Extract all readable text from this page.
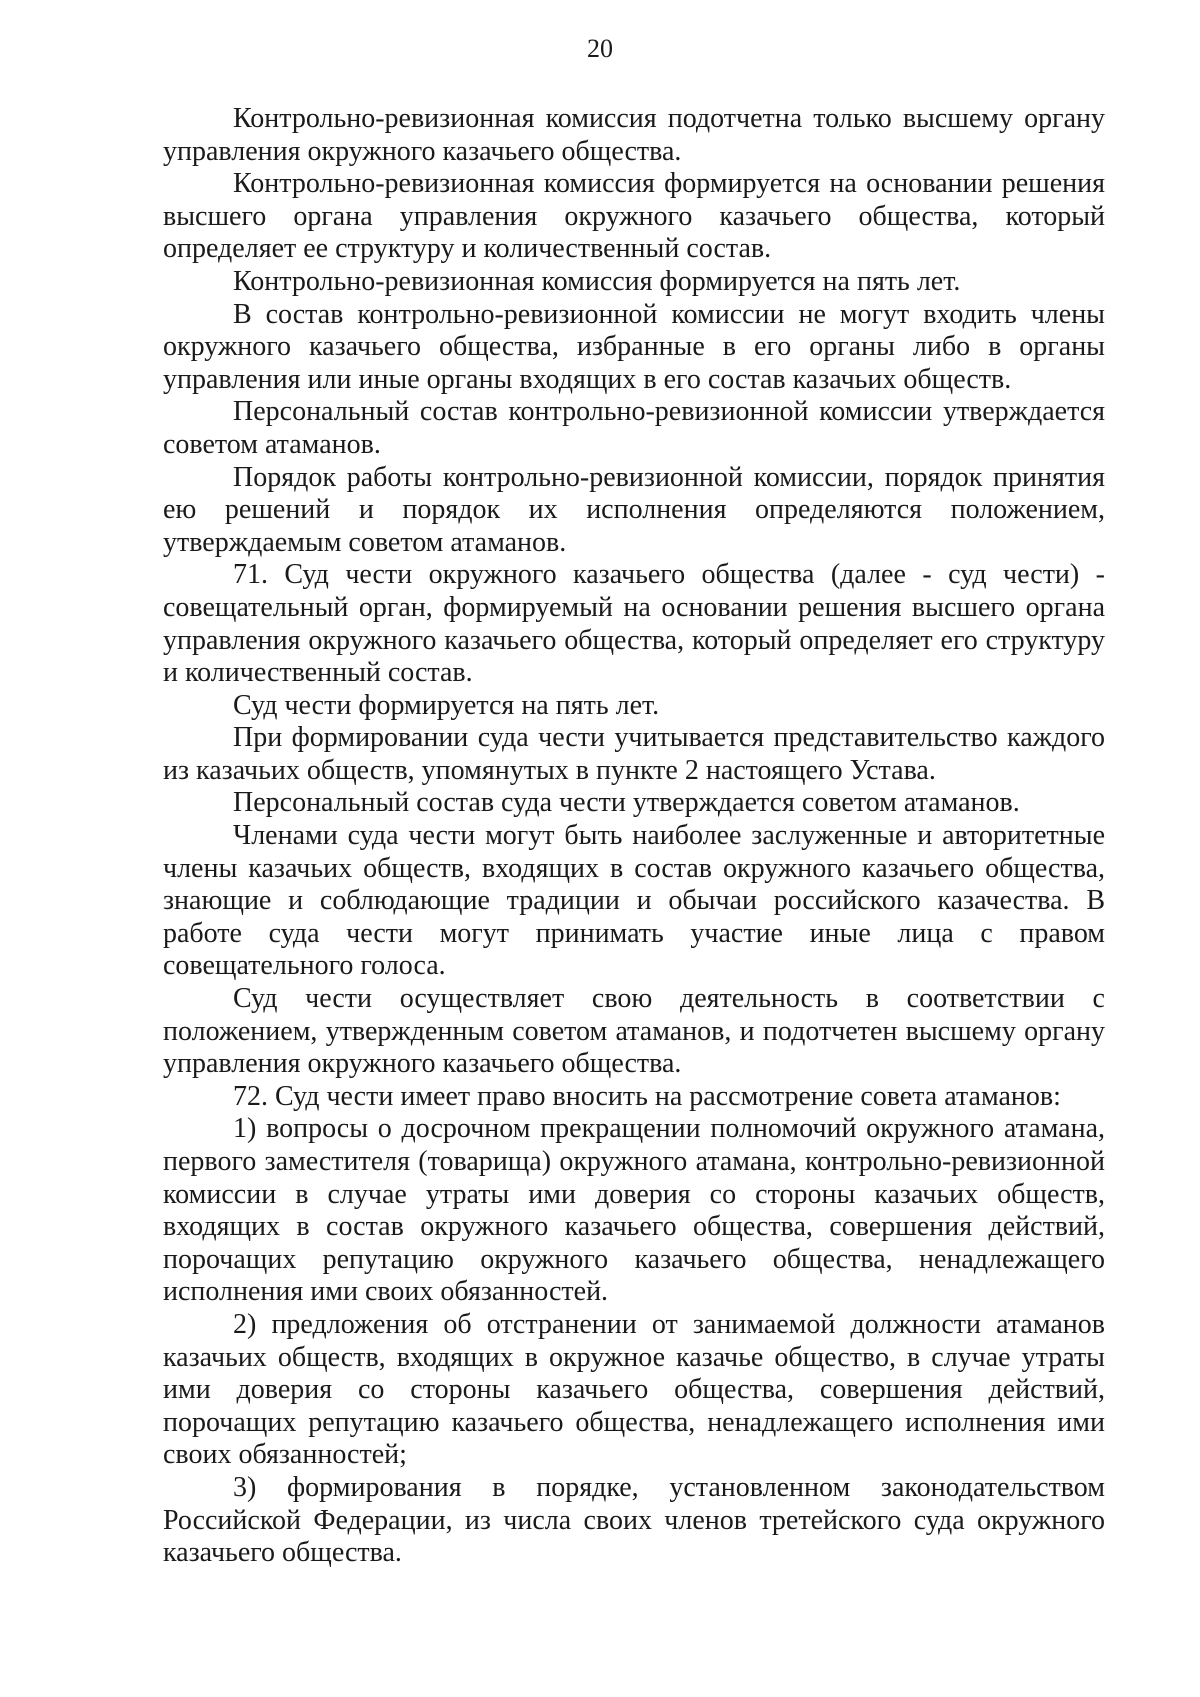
20

Контрольно-ревизионная комиссия подотчетна только высшему органу управления окружного казачьего общества.

Контрольно-ревизионная комиссия формируется на основании решения высшего органа управления окружного казачьего общества, который определяет ее структуру и количественный состав.

Контрольно-ревизионная комиссия формируется на пять лет.

В состав контрольно-ревизионной комиссии не могут входить члены окружного казачьего общества, избранные в его органы либо в органы управления или иные органы входящих в его состав казачьих обществ.

Персональный состав контрольно-ревизионной комиссии утверждается советом атаманов.

Порядок работы контрольно-ревизионной комиссии, порядок принятия ею решений и порядок их исполнения определяются положением, утверждаемым советом атаманов.

71. Суд чести окружного казачьего общества (далее - суд чести) - совещательный орган, формируемый на основании решения высшего органа управления окружного казачьего общества, который определяет его структуру и количественный состав.

Суд чести формируется на пять лет.

При формировании суда чести учитывается представительство каждого из казачьих обществ, упомянутых в пункте 2 настоящего Устава.

Персональный состав суда чести утверждается советом атаманов.

Членами суда чести могут быть наиболее заслуженные и авторитетные члены казачьих обществ, входящих в состав окружного казачьего общества, знающие и соблюдающие традиции и обычаи российского казачества. В работе суда чести могут принимать участие иные лица с правом совещательного голоса.

Суд чести осуществляет свою деятельность в соответствии с положением, утвержденным советом атаманов, и подотчетен высшему органу управления окружного казачьего общества.

72. Суд чести имеет право вносить на рассмотрение совета атаманов:

1) вопросы о досрочном прекращении полномочий окружного атамана, первого заместителя (товарища) окружного атамана, контрольно-ревизионной комиссии в случае утраты ими доверия со стороны казачьих обществ, входящих в состав окружного казачьего общества, совершения действий, порочащих репутацию окружного казачьего общества, ненадлежащего исполнения ими своих обязанностей.

2) предложения об отстранении от занимаемой должности атаманов казачьих обществ, входящих в окружное казачье общество, в случае утраты ими доверия со стороны казачьего общества, совершения действий, порочащих репутацию казачьего общества, ненадлежащего исполнения ими своих обязанностей;

3) формирования в порядке, установленном законодательством Российской Федерации, из числа своих членов третейского суда окружного казачьего общества.
